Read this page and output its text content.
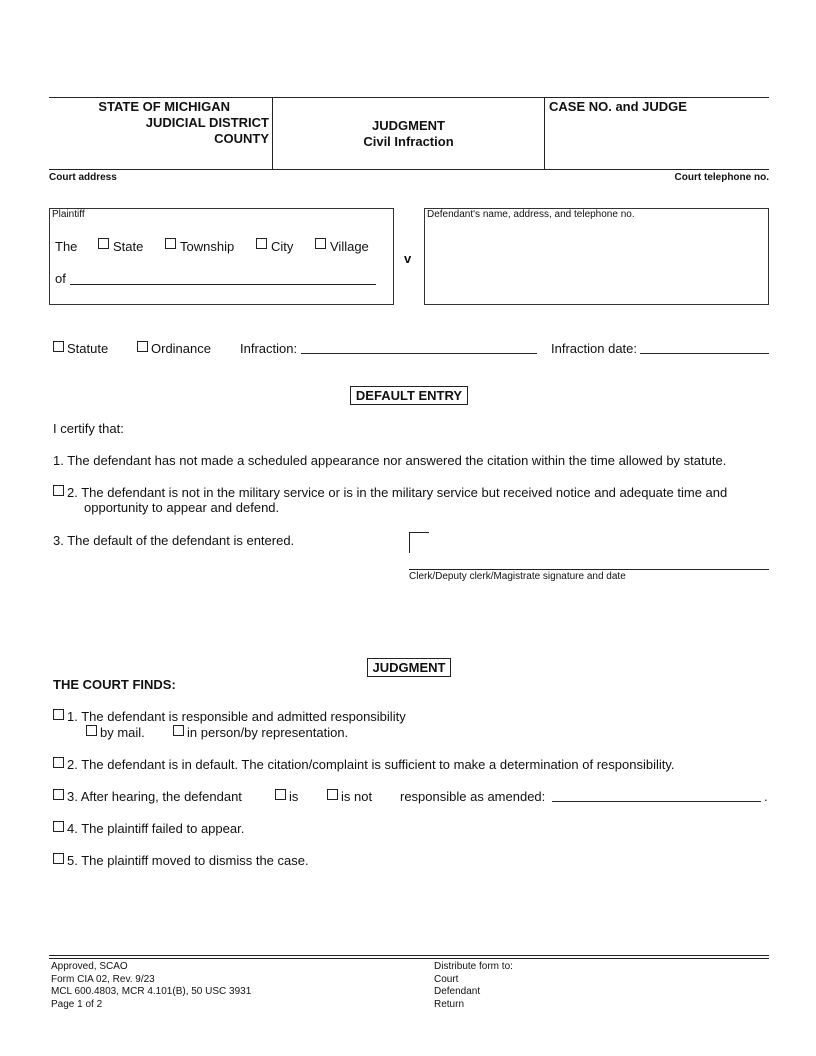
STATE OF MICHIGAN
JUDICIAL DISTRICT
COUNTY
JUDGMENT
Civil Infraction
CASE NO. and JUDGE
Court address	Court telephone no.
Plaintiff
The	State	Township	City	Village
of
v
Defendant's name, address, and telephone no.
Statute	Ordinance Infraction:	Infraction date:
DEFAULT ENTRY
I certify that:
1. The defendant has not made a scheduled appearance nor answered the citation within the time allowed by statute.
2. The defendant is not in the military service or is in the military service but received notice and adequate time and
opportunity to appear and defend.
3. The default of the defendant is entered.
Clerk/Deputy clerk/Magistrate signature and date
JUDGMENT
THE COURT FINDS:
1. The defendant is responsible and admitted responsibility
by mail.	in person/by representation.
2. The defendant is in default. The citation/complaint is sufficient to make a determination of responsibility.
3. After hearing, the defendant	is	is not responsible as amended:	.
4. The plaintiff failed to appear.
5. The plaintiff moved to dismiss the case.
Approved, SCAO
Form CIA 02, Rev. 9/23
MCL 600.4803, MCR 4.101(B), 50 USC 3931
Page 1 of 2
Distribute form to:
Court
Defendant
Return
